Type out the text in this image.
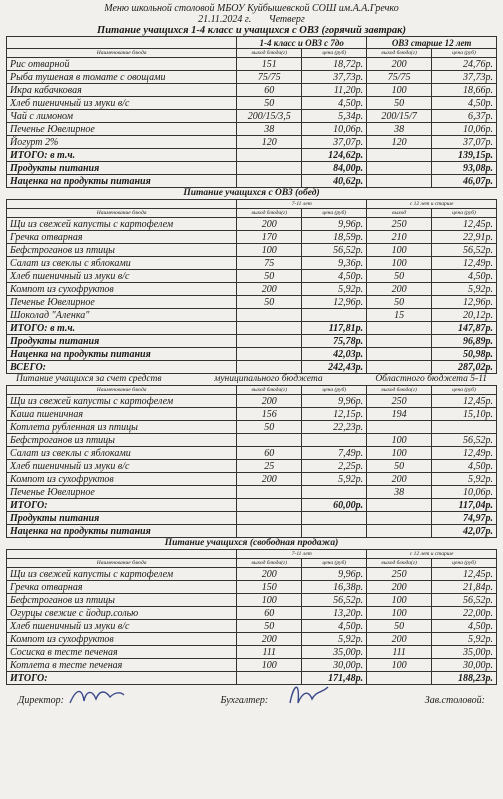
Меню школьной столовой МБОУ Куйбышевской СОШ им.А.А.Гречко
21.11.2024 г. Четверг
Питание учащихся 1-4 класс и учащихся с ОВЗ (горячий завтрак)
	1-4 класс и ОВЗ с 7до		ОВЗ старше 12 лет	
Наименование блюда	выход блюда(г)	цена (руб)	выход блюда(г)	цена (руб)
Рис отварной	151	18,72р.	200	24,76р.
Рыба тушеная в томате с овощами	75/75	37,73р.	75/75	37,73р.
Икра кабачковая	60	11,20р.	100	18,66р.
Хлеб пшеничный из муки в/с	50	4,50р.	50	4,50р.
Чай с лимоном	200/15/3,5	5,34р.	200/15/7	6,37р.
Печенье Ювелирное	38	10,06р.	38	10,06р.
Йогурт 2%	120	37,07р.	120	37,07р.
ИТОГО: в т.ч.		124,62р.		139,15р.
Продукты питания		84,00р.		93,08р.
Наценка на продукты питания		40,62р.		46,07р.
Питание учащихся с ОВЗ (обед)
	7-11 лет		с 12 лет и старше	
Наименование блюда	выход блюда(г)	цена (руб)	выход	цена (руб)
Щи из свежей капусты с картофелем	200	9,96р.	250	12,45р.
Гречка отварная	170	18,59р.	210	22,91р.
Бефстроганов из птицы	100	56,52р.	100	56,52р.
Салат из свеклы с яблоками	75	9,36р.	100	12,49р.
Хлеб пшеничный из муки в/с	50	4,50р.	50	4,50р.
Компот из сухофруктов	200	5,92р.	200	5,92р.
Печенье Ювелирное	50	12,96р.	50	12,96р.
Шоколад "Аленка"			15	20,12р.
ИТОГО: в т.ч.		117,81р.		147,87р.
Продукты питания		75,78р.		96,89р.
Наценка на продукты питания		42,03р.		50,98р.
ВСЕГО:		242,43р.		287,02р.
Питание учащихся за счет средств	муниципального бюджета	Областного бюджета 5-11
Наименование блюда	выход блюда(г)	цена (руб)	выход блюда(г)	цена (руб)
Щи из свежей капусты с картофелем	200	9,96р.	250	12,45р.
Каша пшеничная	156	12,15р.	194	15,10р.
Котлета рубленная из птицы	50	22,23р.		
Бефстроганов из птицы			100	56,52р.
Салат из свеклы с яблоками	60	7,49р.	100	12,49р.
Хлеб пшеничный из муки в/с	25	2,25р.	50	4,50р.
Компот из сухофруктов	200	5,92р.	200	5,92р.
Печенье Ювелирное			38	10,06р.
ИТОГО:		60,00р.		117,04р.
Продукты питания				74,97р.
Наценка на продукты питания				42,07р.
Питание учащихся (свободная продажа)
	7-11 лет		с 12 лет и старше	
Наименование блюда	выход блюда(г)	цена (руб)	выход блюда(г)	цена (руб)
Щи из свежей капусты с картофелем	200	9,96р.	250	12,45р.
Гречка отварная	150	16,38р.	200	21,84р.
Бефстроганов из птицы	100	56,52р.	100	56,52р.
Огурцы свежие с йодир.солью	60	13,20р.	100	22,00р.
Хлеб пшеничный из муки в/с	50	4,50р.	50	4,50р.
Компот из сухофруктов	200	5,92р.	200	5,92р.
Сосиска в тесте печеная	111	35,00р.	111	35,00р.
Котлета в тесте печеная	100	30,00р.	100	30,00р.
ИТОГО:		171,48р.		188,23р.
Директор:	Бухгалтер:	Зав.столовой:
